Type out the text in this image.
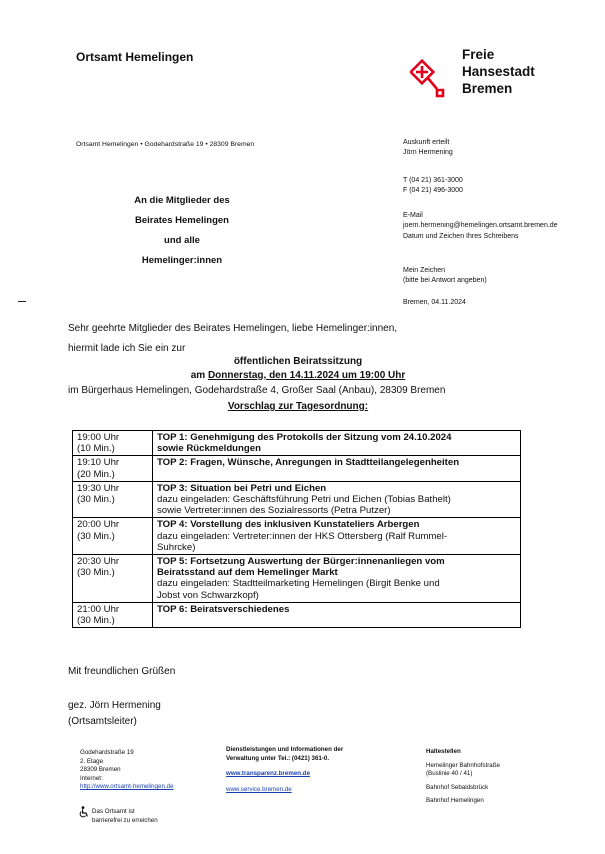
Ortsamt Hemelingen	Freie
Hansestadt
Bremen
Ortsamt Hemelingen • Godehardstraße 19 • 28309 Bremen	Auskunft erteilt
Jörn Hermening
T (04 21) 361-3000
F (04 21) 496-3000
E-Mail
joern.hermening@hemelingen.ortsamt.bremen.de
Datum und Zeichen Ihres Schreibens
Mein Zeichen
(bitte bei Antwort angeben)
Bremen, 04.11.2024
An die Mitglieder des
Beirates Hemelingen
und alle
Hemelinger:innen
Sehr geehrte Mitglieder des Beirates Hemelingen, liebe Hemelinger:innen,
hiermit lade ich Sie ein zur
öffentlichen Beiratssitzung
am Donnerstag, den 14.11.2024 um 19:00 Uhr
im Bürgerhaus Hemelingen, Godehardstraße 4, Großer Saal (Anbau), 28309 Bremen
Vorschlag zur Tagesordnung:
19:00 Uhr
(10 Min.)	TOP 1: Genehmigung des Protokolls der Sitzung vom 24.10.2024
sowie Rückmeldungen

19:10 Uhr
(20 Min.)	TOP 2: Fragen, Wünsche, Anregungen in Stadtteilangelegenheiten

19:30 Uhr
(30 Min.)	TOP 3: Situation bei Petri und Eichen
dazu eingeladen: Geschäftsführung Petri und Eichen (Tobias Bathelt)
sowie Vertreter:innen des Sozialressorts (Petra Putzer)

20:00 Uhr
(30 Min.)	TOP 4: Vorstellung des inklusiven Kunstateliers Arbergen
dazu eingeladen: Vertreter:innen der HKS Ottersberg (Ralf Rummel-
Suhrcke)

20:30 Uhr
(30 Min.)	TOP 5: Fortsetzung Auswertung der Bürger:innenanliegen vom
Beiratsstand auf dem Hemelinger Markt
dazu eingeladen: Stadtteilmarketing Hemelingen (Birgit Benke und
Jobst von Schwarzkopf)

21:00 Uhr
(30 Min.)	TOP 6: Beiratsverschiedenes
Mit freundlichen Grüßen
gez. Jörn Hermening
(Ortsamtsleiter)
Godehardstraße 19
2. Etage
28309 Bremen
Internet:
http://www.ortsamt-hemelingen.de
Das Ortsamt ist
barrierefrei zu erreichen
Dienstleistungen und Informationen der
Verwaltung unter Tel.: (0421) 361-0.
www.transparenz.bremen.de
www.service.bremen.de
Haltestellen
Hemelinger Bahnhofstraße
(Buslinie 40 / 41)
Bahnhof Sebaldsbrück
Bahnhof Hemelingen
